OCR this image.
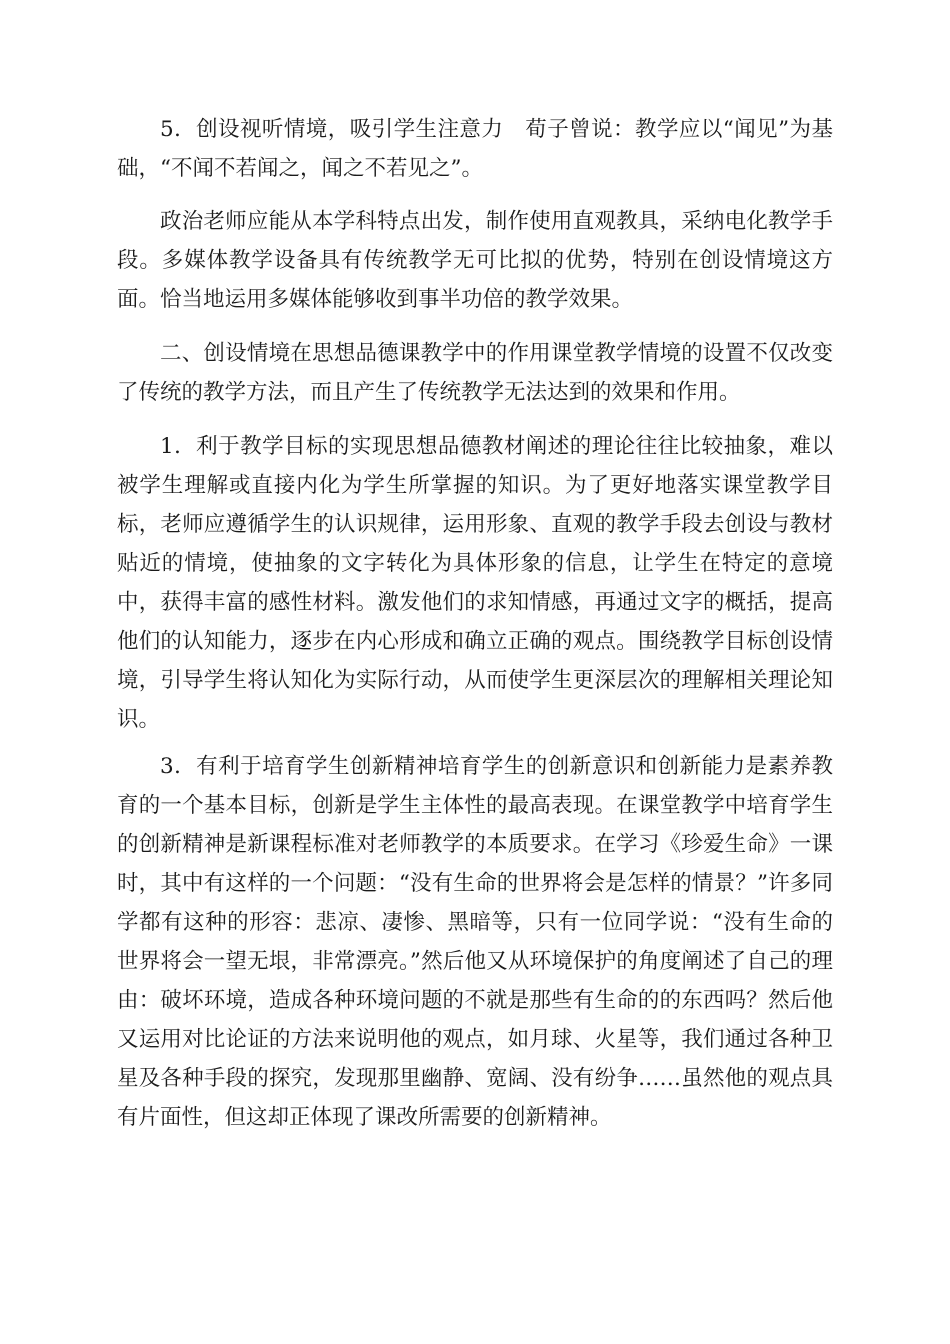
5．创设视听情境，吸引学生注意力　荀子曾说：教学应以“闻见”为基础，“不闻不若闻之，闻之不若见之”。

政治老师应能从本学科特点出发，制作使用直观教具，采纳电化教学手段。多媒体教学设备具有传统教学无可比拟的优势，特别在创设情境这方面。恰当地运用多媒体能够收到事半功倍的教学效果。

二、创设情境在思想品德课教学中的作用课堂教学情境的设置不仅改变了传统的教学方法，而且产生了传统教学无法达到的效果和作用。

1．利于教学目标的实现思想品德教材阐述的理论往往比较抽象，难以被学生理解或直接内化为学生所掌握的知识。为了更好地落实课堂教学目标，老师应遵循学生的认识规律，运用形象、直观的教学手段去创设与教材贴近的情境，使抽象的文字转化为具体形象的信息，让学生在特定的意境中，获得丰富的感性材料。激发他们的求知情感，再通过文字的概括，提高他们的认知能力，逐步在内心形成和确立正确的观点。围绕教学目标创设情境，引导学生将认知化为实际行动，从而使学生更深层次的理解相关理论知识。

3．有利于培育学生创新精神培育学生的创新意识和创新能力是素养教育的一个基本目标，创新是学生主体性的最高表现。在课堂教学中培育学生的创新精神是新课程标准对老师教学的本质要求。在学习《珍爱生命》一课时，其中有这样的一个问题：“没有生命的世界将会是怎样的情景？”许多同学都有这种的形容：悲凉、凄惨、黑暗等，只有一位同学说：“没有生命的世界将会一望无垠，非常漂亮。”然后他又从环境保护的角度阐述了自己的理由：破坏环境，造成各种环境问题的不就是那些有生命的的东西吗？然后他又运用对比论证的方法来说明他的观点，如月球、火星等，我们通过各种卫星及各种手段的探究，发现那里幽静、宽阔、没有纷争……虽然他的观点具有片面性，但这却正体现了课改所需要的创新精神。
